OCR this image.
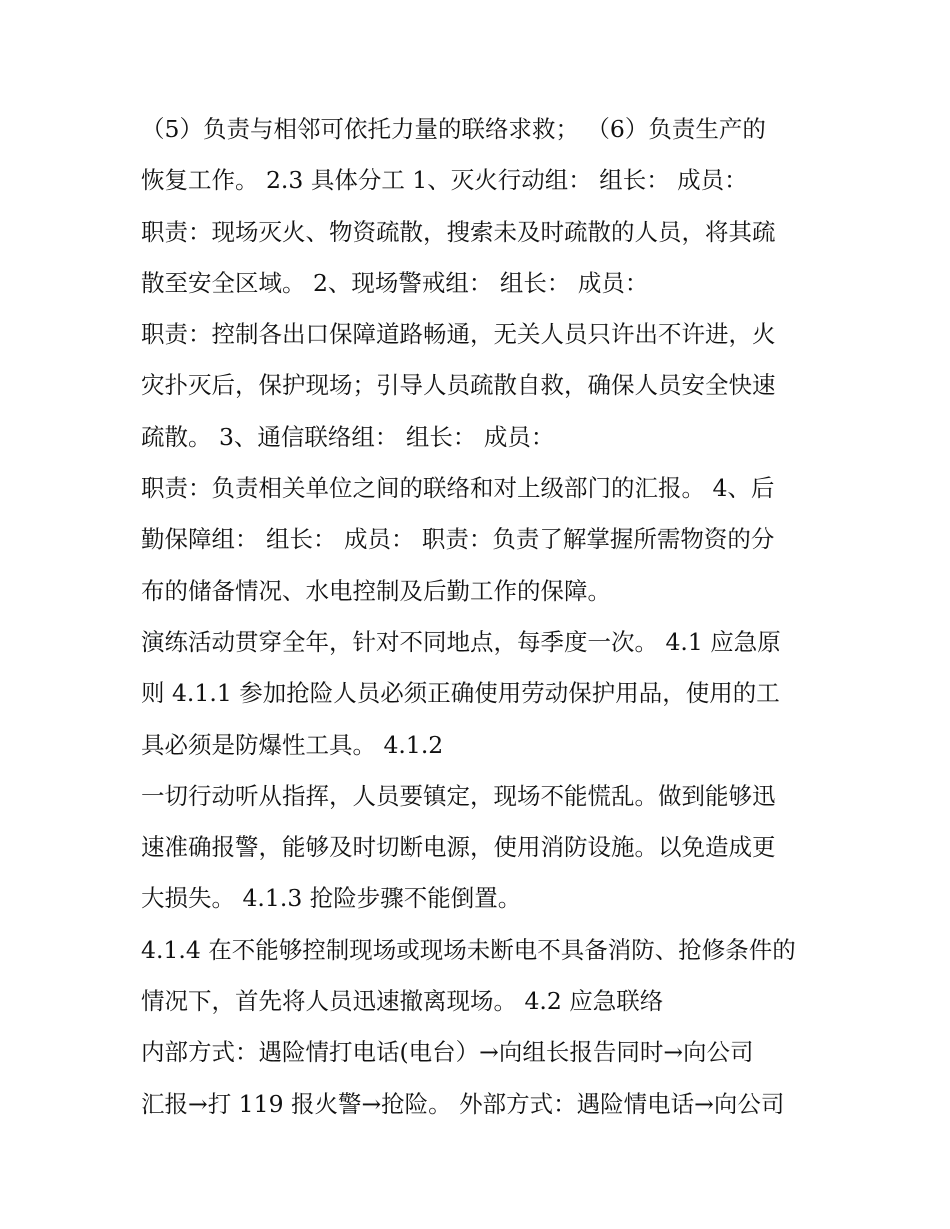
（5）负责与相邻可依托力量的联络求救； （6）负责生产的
恢复工作。 2.3 具体分工 1、灭火行动组： 组长： 成员：
职责：现场灭火、物资疏散，搜索未及时疏散的人员，将其疏
散至安全区域。 2、现场警戒组： 组长： 成员：
职责：控制各出口保障道路畅通，无关人员只许出不许进，火
灾扑灭后，保护现场；引导人员疏散自救，确保人员安全快速
疏散。 3、通信联络组： 组长： 成员：
职责：负责相关单位之间的联络和对上级部门的汇报。 4、后
勤保障组： 组长： 成员： 职责：负责了解掌握所需物资的分
布的储备情况、水电控制及后勤工作的保障。
演练活动贯穿全年，针对不同地点，每季度一次。 4.1 应急原
则 4.1.1 参加抢险人员必须正确使用劳动保护用品，使用的工
具必须是防爆性工具。 4.1.2
一切行动听从指挥，人员要镇定，现场不能慌乱。做到能够迅
速准确报警，能够及时切断电源，使用消防设施。以免造成更
大损失。 4.1.3 抢险步骤不能倒置。
4.1.4 在不能够控制现场或现场未断电不具备消防、抢修条件的
情况下，首先将人员迅速撤离现场。 4.2 应急联络
内部方式：遇险情打电话(电台）→向组长报告同时→向公司
汇报→打 119 报火警→抢险。 外部方式：遇险情电话→向公司
